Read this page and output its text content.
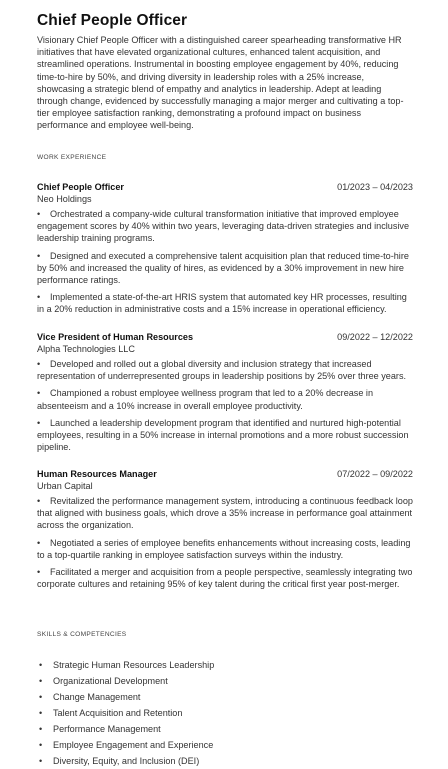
Chief People Officer

Visionary Chief People Officer with a distinguished career spearheading transformative HR initiatives that have elevated organizational cultures, enhanced talent acquisition, and streamlined operations. Instrumental in boosting employee engagement by 40%, reducing time-to-hire by 50%, and driving diversity in leadership roles with a 25% increase, showcasing a strategic blend of empathy and analytics in leadership. Adept at leading through change, evidenced by successfully managing a major merger and cultivating a top-tier employee satisfaction ranking, demonstrating a profound impact on business performance and employee well-being.

WORK EXPERIENCE

Chief People Officer	01/2023 – 04/2023
Neo Holdings
•	Orchestrated a company-wide cultural transformation initiative that improved employee engagement scores by 40% within two years, leveraging data-driven strategies and inclusive leadership training programs.
•	Designed and executed a comprehensive talent acquisition plan that reduced time-to-hire by 50% and increased the quality of hires, as evidenced by a 30% improvement in new hire performance ratings.
•	Implemented a state-of-the-art HRIS system that automated key HR processes, resulting in a 20% reduction in administrative costs and a 15% increase in operational efficiency.
Vice President of Human Resources	09/2022 – 12/2022
Alpha Technologies LLC
•	Developed and rolled out a global diversity and inclusion strategy that increased representation of underrepresented groups in leadership positions by 25% over three years.
•	Championed a robust employee wellness program that led to a 20% decrease in absenteeism and a 10% increase in overall employee productivity.
•	Launched a leadership development program that identified and nurtured high-potential employees, resulting in a 50% increase in internal promotions and a more robust succession pipeline.
Human Resources Manager	07/2022 – 09/2022
Urban Capital
•	Revitalized the performance management system, introducing a continuous feedback loop that aligned with business goals, which drove a 35% increase in performance goal attainment across the organization.
•	Negotiated a series of employee benefits enhancements without increasing costs, leading to a top-quartile ranking in employee satisfaction surveys within the industry.
•	Facilitated a merger and acquisition from a people perspective, seamlessly integrating two corporate cultures and retaining 95% of key talent during the critical first year post-merger.

SKILLS & COMPETENCIES

• Strategic Human Resources Leadership
• Organizational Development
• Change Management
• Talent Acquisition and Retention
• Performance Management
• Employee Engagement and Experience
• Diversity, Equity, and Inclusion (DEI)
